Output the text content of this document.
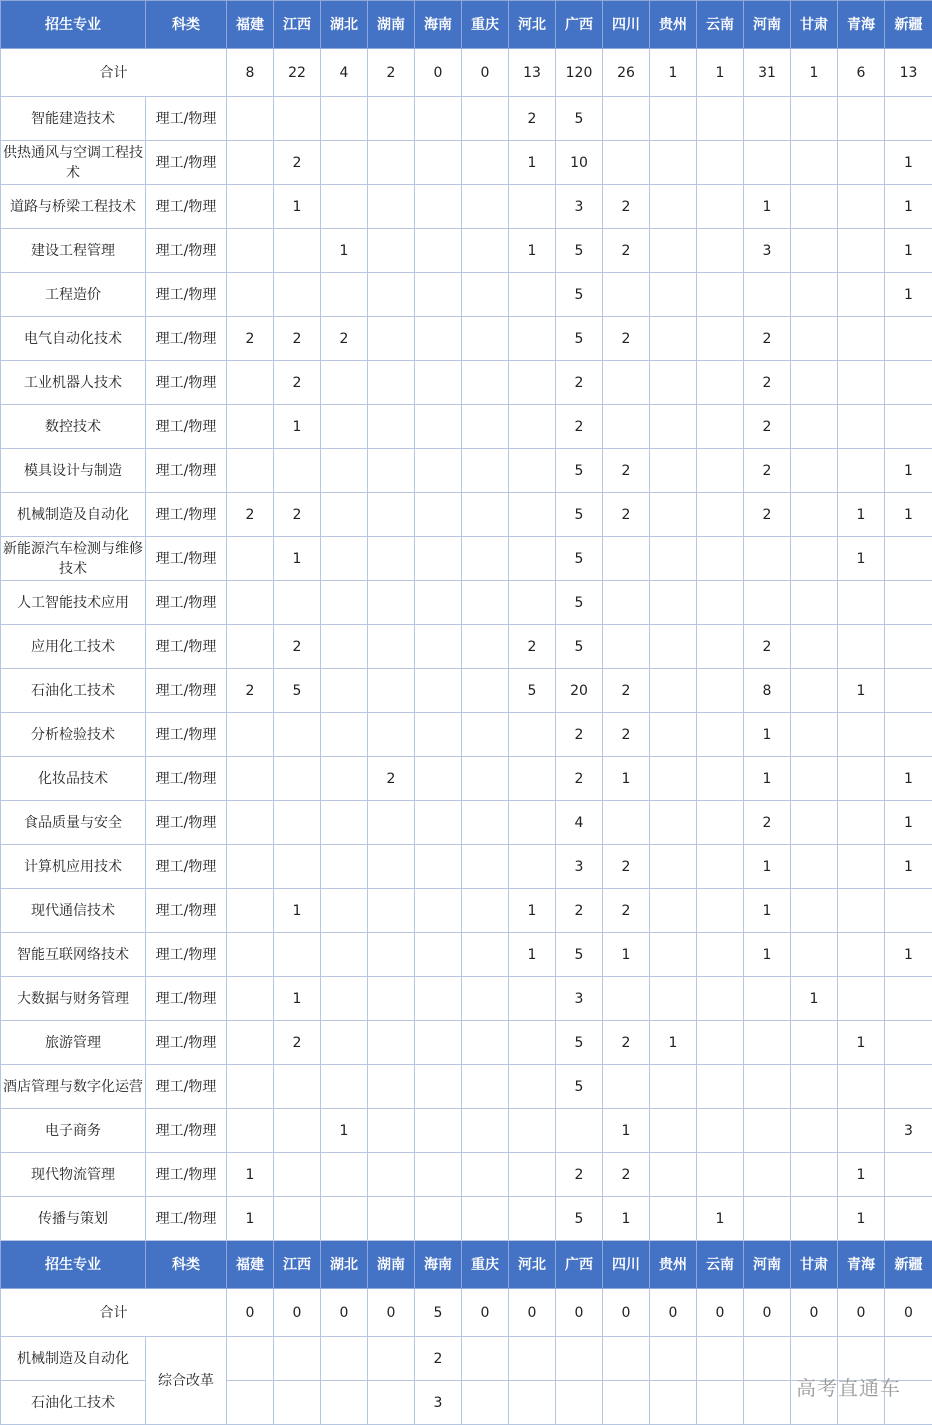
招生专业	科类	福建	江西	湖北	湖南	海南	重庆	河北	广西	四川	贵州	云南	河南	甘肃	青海	新疆
合计		8	22	4	2	0	0	13	120	26	1	1	31	1	6	13
智能建造技术	理工/物理							2	5							
供热通风与空调工程技术	理工/物理		2					1	10							1
道路与桥梁工程技术	理工/物理		1						3	2			1			1
建设工程管理	理工/物理			1				1	5	2			3			1
工程造价	理工/物理								5							1
电气自动化技术	理工/物理	2	2	2					5	2			2			
工业机器人技术	理工/物理		2						2				2			
数控技术	理工/物理		1						2				2			
模具设计与制造	理工/物理								5	2			2			1
机械制造及自动化	理工/物理	2	2						5	2			2		1	1
新能源汽车检测与维修技术	理工/物理		1						5						1	
人工智能技术应用	理工/物理								5							
应用化工技术	理工/物理		2					2	5				2			
石油化工技术	理工/物理	2	5					5	20	2			8		1	
分析检验技术	理工/物理								2	2			1			
化妆品技术	理工/物理				2				2	1			1			1
食品质量与安全	理工/物理								4				2			1
计算机应用技术	理工/物理								3	2			1			1
现代通信技术	理工/物理		1					1	2	2			1			
智能互联网络技术	理工/物理							1	5	1			1			1
大数据与财务管理	理工/物理		1						3					1		
旅游管理	理工/物理		2						5	2	1				1	
酒店管理与数字化运营	理工/物理								5							
电子商务	理工/物理			1						1						3
现代物流管理	理工/物理	1							2	2					1	
传播与策划	理工/物理	1							5	1		1			1	
招生专业	科类	福建	江西	湖北	湖南	海南	重庆	河北	广西	四川	贵州	云南	河南	甘肃	青海	新疆
合计		0	0	0	0	5	0	0	0	0	0	0	0	0	0	0
机械制造及自动化	综合改革					2										
石油化工技术						3										
高考直通车
